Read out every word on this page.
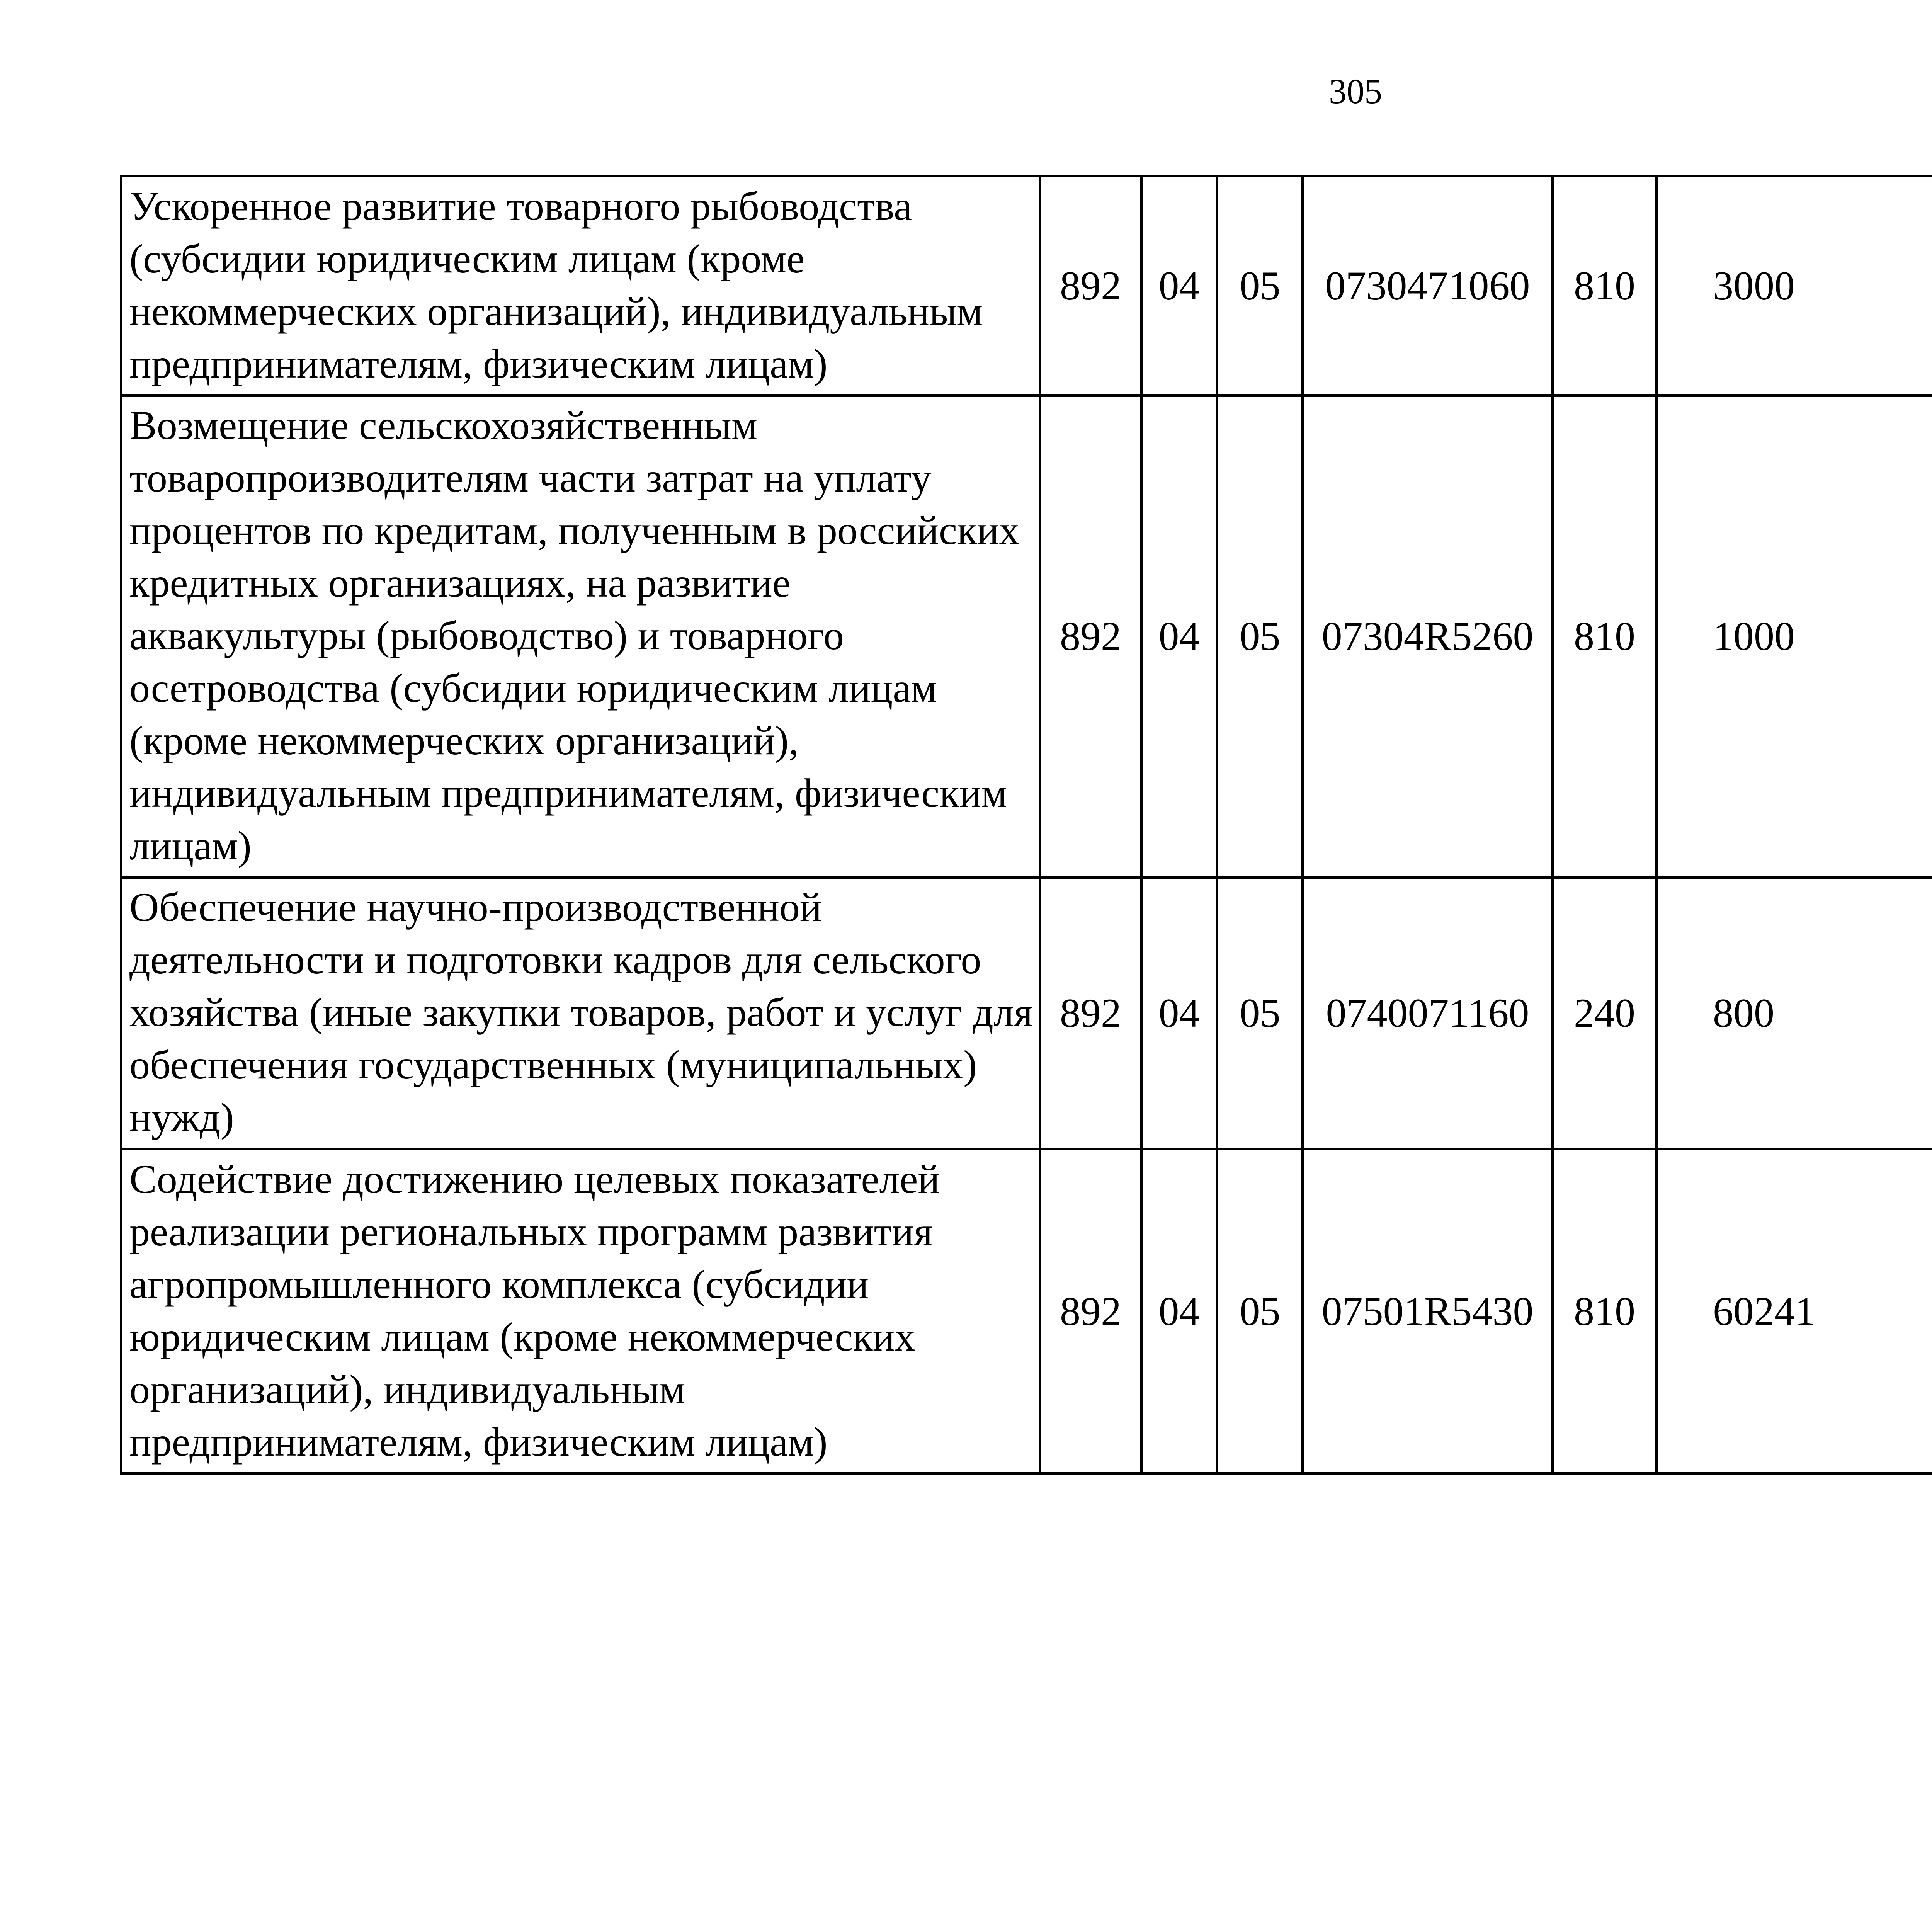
305
Ускоренное развитие товарного рыбоводства (субсидии юридическим лицам (кроме некоммерческих организаций), индивидуальным предпринимателям, физическим лицам)	892	04	05	0730471060	810	3000		
Возмещение сельскохозяйственным товаропроизводителям части затрат на уплату процентов по кредитам, полученным в российских кредитных организациях, на развитие аквакультуры (рыбоводство) и товарного осетроводства (субсидии юридическим лицам (кроме некоммерческих организаций), индивидуальным предпринимателям, физическим лицам)	892	04	05	07304R5260	810	1000		
Обеспечение научно-производственной деятельности и подготовки кадров для сельского хозяйства (иные закупки товаров, работ и услуг для обеспечения государственных (муниципальных) нужд)	892	04	05	0740071160	240	800		
Содействие достижению целевых показателей реализации региональных программ развития агропромышленного комплекса (субсидии юридическим лицам (кроме некоммерческих организаций), индивидуальным предпринимателям, физическим лицам)	892	04	05	07501R5430	810	60241		
